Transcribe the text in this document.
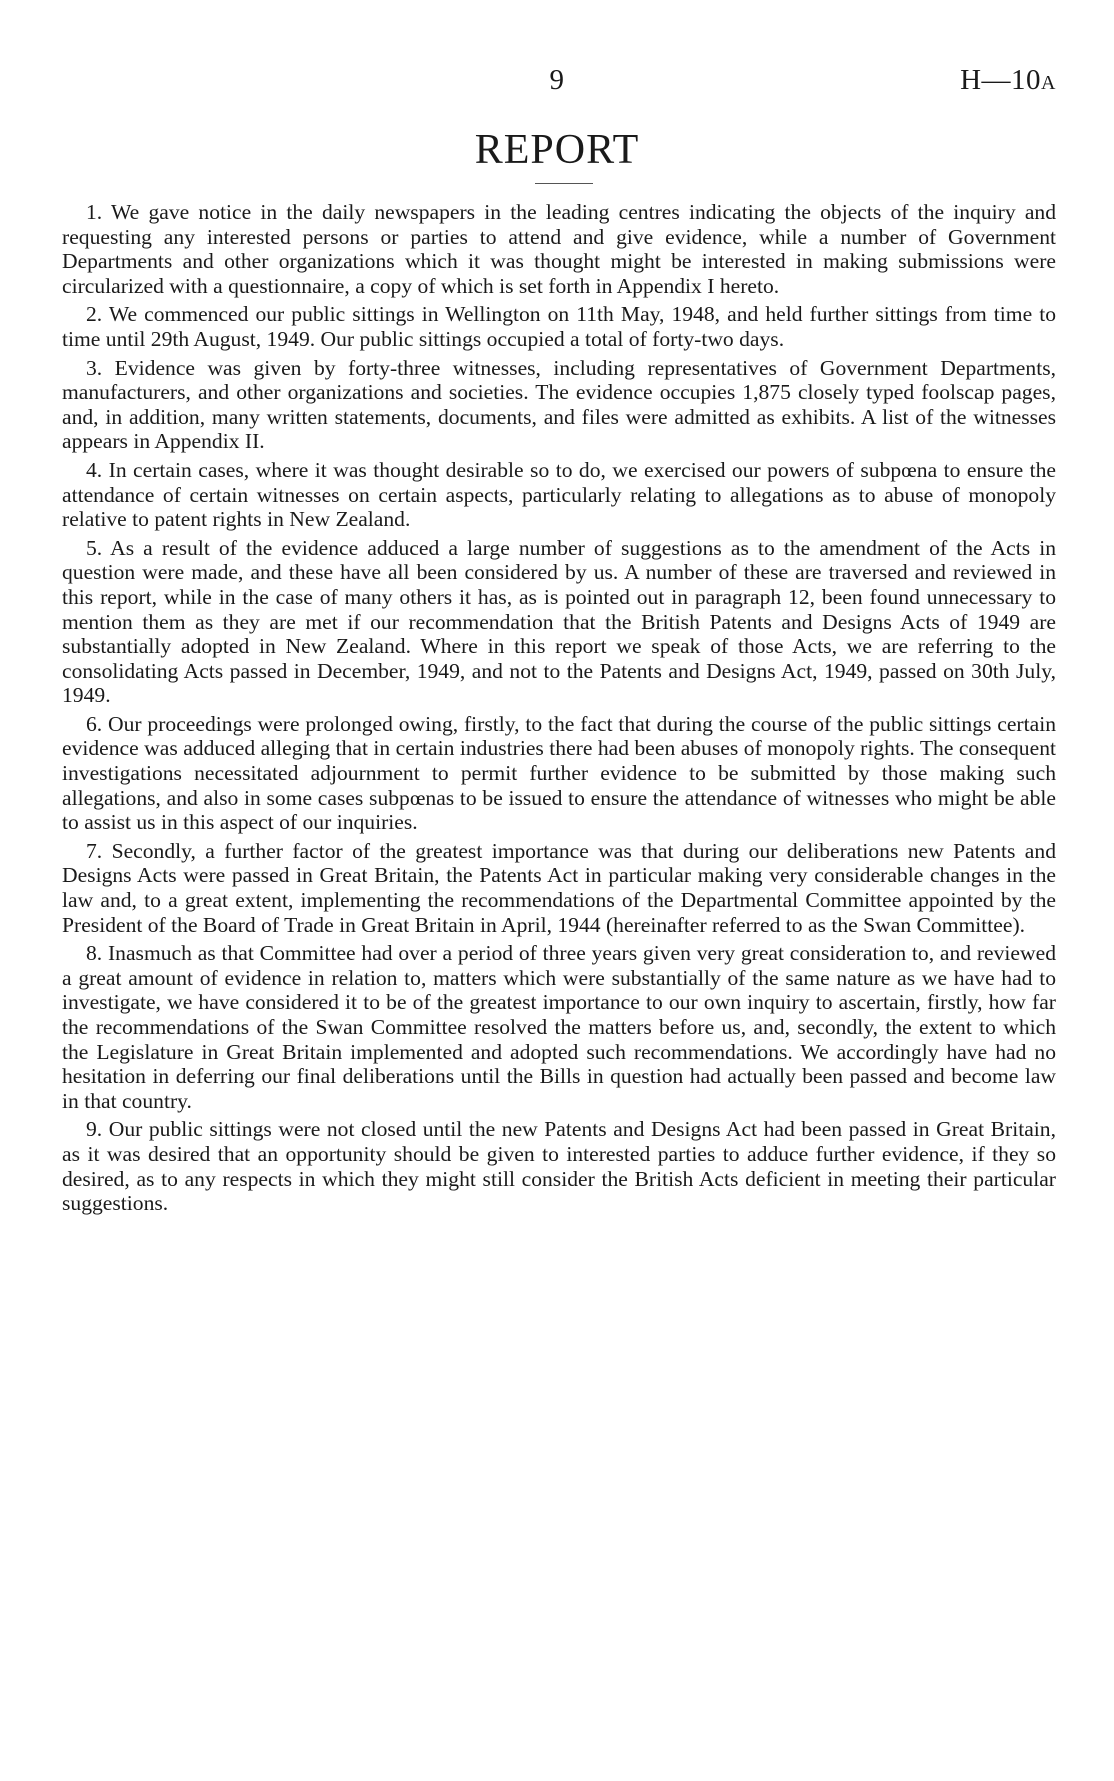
9	H—10A
REPORT

1. We gave notice in the daily newspapers in the leading centres indicating the objects of the inquiry and requesting any interested persons or parties to attend and give evidence, while a number of Government Departments and other organizations which it was thought might be interested in making submissions were circularized with a questionnaire, a copy of which is set forth in Appendix I hereto.

2. We commenced our public sittings in Wellington on 11th May, 1948, and held further sittings from time to time until 29th August, 1949. Our public sittings occupied a total of forty-two days.

3. Evidence was given by forty-three witnesses, including representatives of Government Departments, manufacturers, and other organizations and societies. The evidence occupies 1,875 closely typed foolscap pages, and, in addition, many written statements, documents, and files were admitted as exhibits. A list of the witnesses appears in Appendix II.

4. In certain cases, where it was thought desirable so to do, we exercised our powers of subpœna to ensure the attendance of certain witnesses on certain aspects, particularly relating to allegations as to abuse of monopoly relative to patent rights in New Zealand.

5. As a result of the evidence adduced a large number of suggestions as to the amendment of the Acts in question were made, and these have all been considered by us. A number of these are traversed and reviewed in this report, while in the case of many others it has, as is pointed out in paragraph 12, been found unnecessary to mention them as they are met if our recommendation that the British Patents and Designs Acts of 1949 are substantially adopted in New Zealand. Where in this report we speak of those Acts, we are referring to the consolidating Acts passed in December, 1949, and not to the Patents and Designs Act, 1949, passed on 30th July, 1949.

6. Our proceedings were prolonged owing, firstly, to the fact that during the course of the public sittings certain evidence was adduced alleging that in certain industries there had been abuses of monopoly rights. The consequent investigations necessitated adjournment to permit further evidence to be submitted by those making such allegations, and also in some cases subpœnas to be issued to ensure the attendance of witnesses who might be able to assist us in this aspect of our inquiries.

7. Secondly, a further factor of the greatest importance was that during our deliberations new Patents and Designs Acts were passed in Great Britain, the Patents Act in particular making very considerable changes in the law and, to a great extent, implementing the recommendations of the Departmental Committee appointed by the President of the Board of Trade in Great Britain in April, 1944 (hereinafter referred to as the Swan Committee).

8. Inasmuch as that Committee had over a period of three years given very great consideration to, and reviewed a great amount of evidence in relation to, matters which were substantially of the same nature as we have had to investigate, we have considered it to be of the greatest importance to our own inquiry to ascertain, firstly, how far the recommendations of the Swan Committee resolved the matters before us, and, secondly, the extent to which the Legislature in Great Britain implemented and adopted such recommendations. We accordingly have had no hesitation in deferring our final deliberations until the Bills in question had actually been passed and become law in that country.

9. Our public sittings were not closed until the new Patents and Designs Act had been passed in Great Britain, as it was desired that an opportunity should be given to interested parties to adduce further evidence, if they so desired, as to any respects in which they might still consider the British Acts deficient in meeting their particular suggestions.
